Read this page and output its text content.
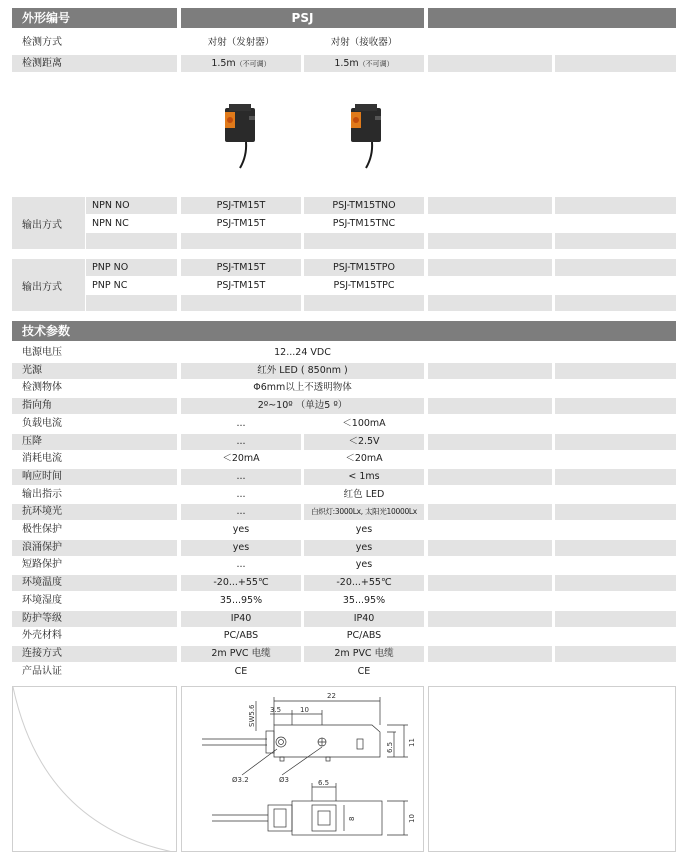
外形编号	PSJ
检测方式	对射（发射器）	对射（接收器）
检测距离	1.5m（不可调）	1.5m（不可调）
输出方式
NPN NO	PSJ-TM15T	PSJ-TM15TNO
NPN NC	PSJ-TM15T	PSJ-TM15TNC
输出方式
PNP NO	PSJ-TM15T	PSJ-TM15TPO
PNP NC	PSJ-TM15T	PSJ-TM15TPC
技术参数
电源电压	12...24 VDC
光源	红外 LED ( 850nm )
检测物体	Φ6mm以上不透明物体
指向角	2º~10º （单边5 º）
负载电流	...	＜100mA
压降	...	＜2.5V
消耗电流	＜20mA	＜20mA
响应时间	...	< 1ms
输出指示	...	红色 LED
抗环境光	...	白炽灯:3000Lx, 太阳光10000Lx
极性保护	yes	yes
浪涌保护	yes	yes
短路保护	...	yes
环境温度	-20...+55℃	-20...+55℃
环境湿度	35...95%	35...95%
防护等级	IP40	IP40
外壳材料	PC/ABS	PC/ABS
连接方式	2m PVC 电缆	2m PVC 电缆
产品认证	CE	CE
22
3.5	10
SW5.6
6.5 11
Ø3.2	Ø3	6.5
8	10
